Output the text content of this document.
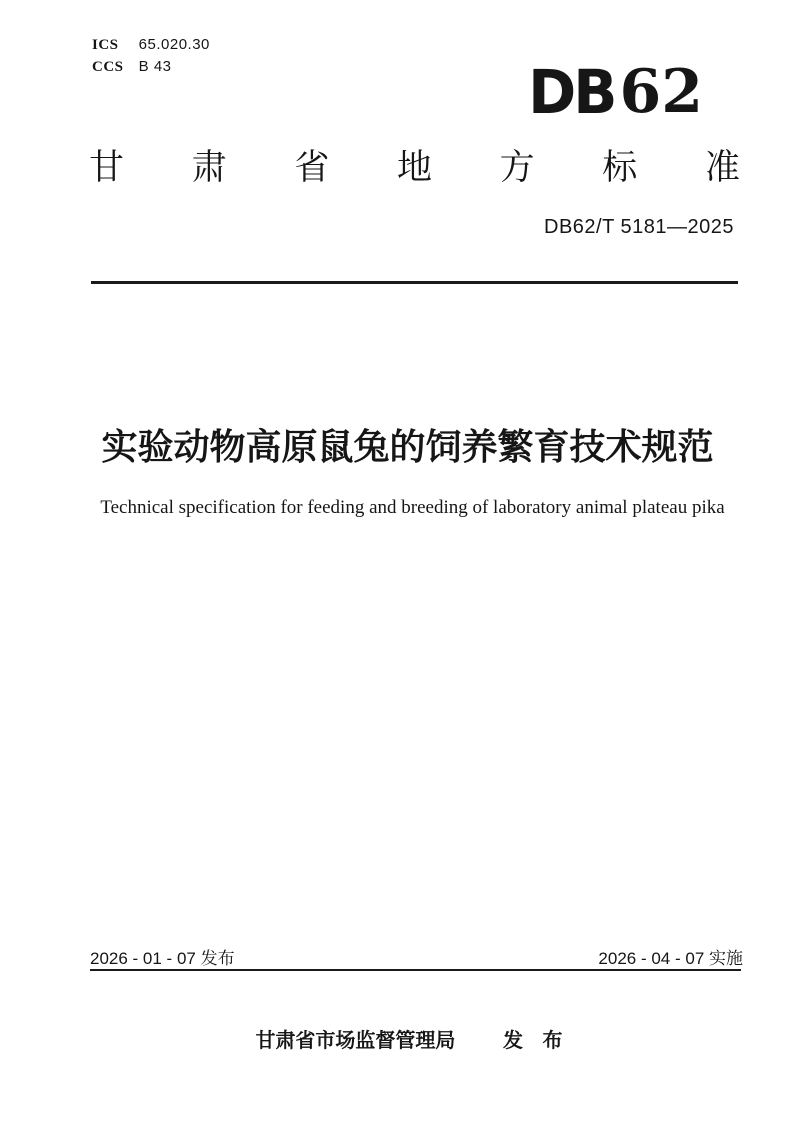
ICS 65.020.30
CCS B 43	DB62
甘 肃 省 地 方 标 准
DB62/T 5181—2025
实验动物高原鼠兔的饲养繁育技术规范
Technical specification for feeding and breeding of laboratory animal plateau pika
2026 - 01 - 07 发布	2026 - 04 - 07 实施
甘肃省市场监督管理局 发 布
